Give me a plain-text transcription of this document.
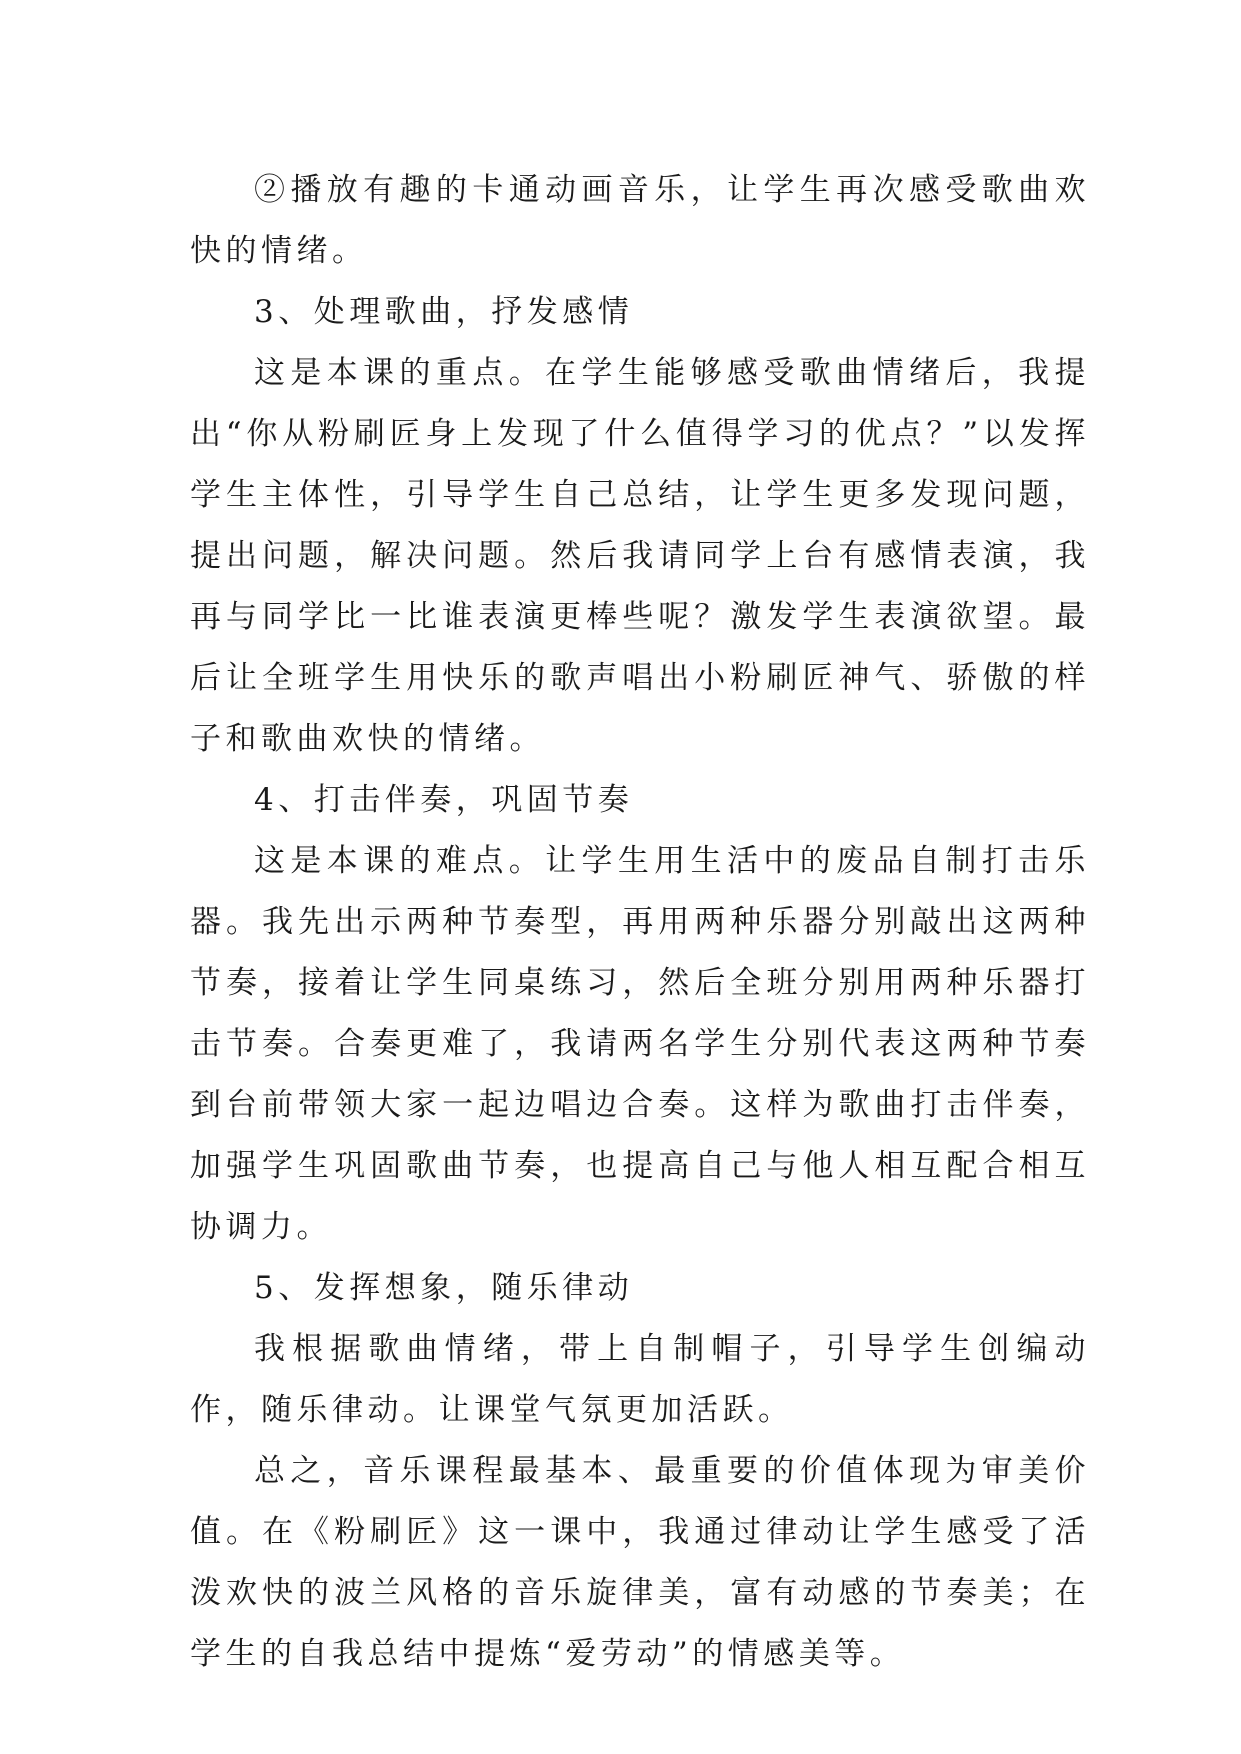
②播放有趣的卡通动画音乐，让学生再次感受歌曲欢快的情绪。

3、处理歌曲，抒发感情

这是本课的重点。在学生能够感受歌曲情绪后，我提出“你从粉刷匠身上发现了什么值得学习的优点？”以发挥学生主体性，引导学生自己总结，让学生更多发现问题，提出问题，解决问题。然后我请同学上台有感情表演，我再与同学比一比谁表演更棒些呢？激发学生表演欲望。最后让全班学生用快乐的歌声唱出小粉刷匠神气、骄傲的样子和歌曲欢快的情绪。

4、打击伴奏，巩固节奏

这是本课的难点。让学生用生活中的废品自制打击乐器。我先出示两种节奏型，再用两种乐器分别敲出这两种节奏，接着让学生同桌练习，然后全班分别用两种乐器打击节奏。合奏更难了，我请两名学生分别代表这两种节奏到台前带领大家一起边唱边合奏。这样为歌曲打击伴奏，加强学生巩固歌曲节奏，也提高自己与他人相互配合相互协调力。

5、发挥想象，随乐律动

我根据歌曲情绪，带上自制帽子，引导学生创编动作，随乐律动。让课堂气氛更加活跃。

总之，音乐课程最基本、最重要的价值体现为审美价值。在《粉刷匠》这一课中，我通过律动让学生感受了活泼欢快的波兰风格的音乐旋律美，富有动感的节奏美；在学生的自我总结中提炼“爱劳动”的情感美等。
